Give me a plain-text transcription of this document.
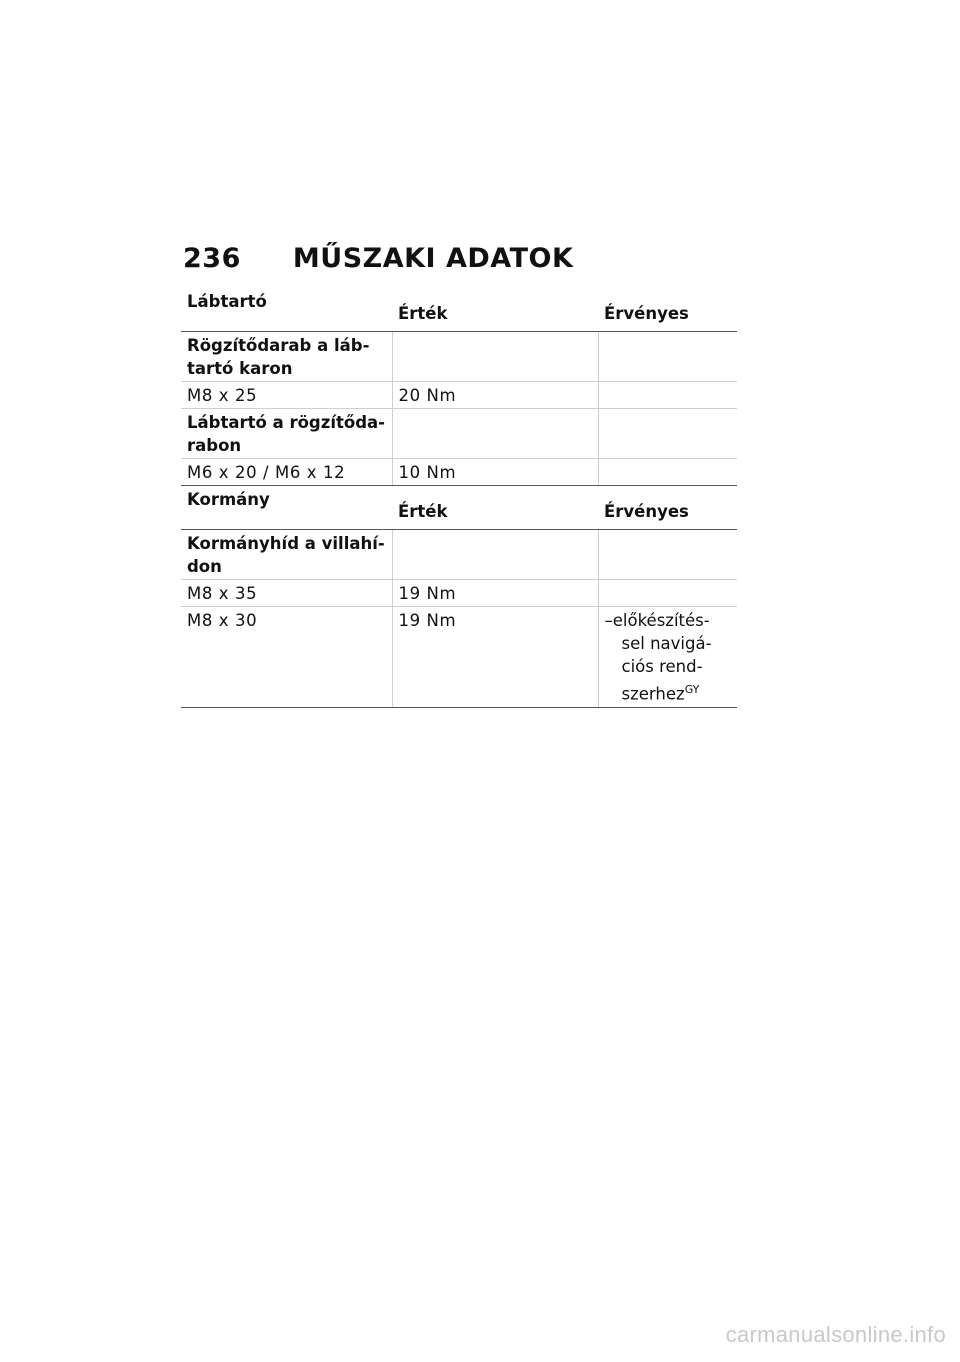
236 MŰSZAKI ADATOK
Lábtartó	Érték	Érvényes
Rögzítődarab a láb-tartó karon		
M8 x 25	20 Nm	
Lábtartó a rögzítőda-rabon		
M6 x 20 / M6 x 12	10 Nm	
Kormány	Érték	Érvényes
Kormányhíd a villahí-don		
M8 x 35	19 Nm	
M8 x 30	19 Nm	–előkészítés-sel navigá-ciós rend-szerhez$^{GY}$
carmanualsonline.info
